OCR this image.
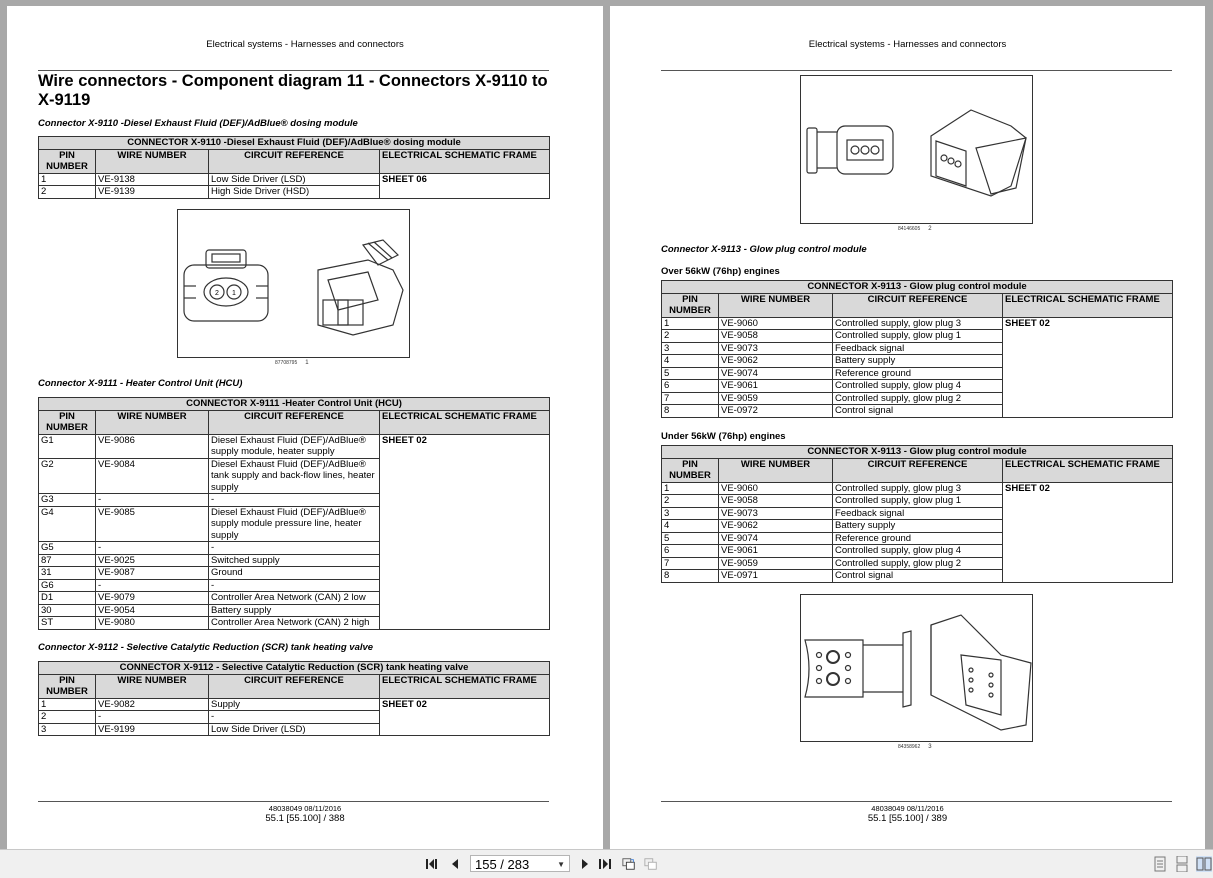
Electrical systems - Harnesses and connectors
Wire connectors - Component diagram 11 - Connectors X-9110 to X-9119
Connector X-9110 -Diesel Exhaust Fluid (DEF)/AdBlue® dosing module
CONNECTOR X-9110 -Diesel Exhaust Fluid (DEF)/AdBlue® dosing module			
PIN NUMBER	WIRE NUMBER	CIRCUIT REFERENCE	ELECTRICAL SCHEMATIC FRAME
1	VE-9138	Low Side Driver (LSD)	SHEET 06
2	VE-9139	High Side Driver (HSD)	
2 1
87708795 1
Connector X-9111 - Heater Control Unit (HCU)
CONNECTOR X-9111 -Heater Control Unit (HCU)			
PIN NUMBER	WIRE NUMBER	CIRCUIT REFERENCE	ELECTRICAL SCHEMATIC FRAME
G1	VE-9086	Diesel Exhaust Fluid (DEF)/AdBlue® supply module, heater supply	SHEET 02
G2	VE-9084	Diesel Exhaust Fluid (DEF)/AdBlue® tank supply and back-flow lines, heater supply	
G3	-	-	
G4	VE-9085	Diesel Exhaust Fluid (DEF)/AdBlue® supply module pressure line, heater supply	
G5	-	-	
87	VE-9025	Switched supply	
31	VE-9087	Ground	
G6	-	-	
D1	VE-9079	Controller Area Network (CAN) 2 low	
30	VE-9054	Battery supply	
ST	VE-9080	Controller Area Network (CAN) 2 high	
Connector X-9112 - Selective Catalytic Reduction (SCR) tank heating valve
CONNECTOR X-9112 - Selective Catalytic Reduction (SCR) tank heating valve			
PIN NUMBER	WIRE NUMBER	CIRCUIT REFERENCE	ELECTRICAL SCHEMATIC FRAME
1	VE-9082	Supply	SHEET 02
2	-	-	
3	VE-9199	Low Side Driver (LSD)	
48038049 08/11/2016
55.1 [55.100] / 388
Electrical systems - Harnesses and connectors
84146605 2
Connector X-9113 - Glow plug control module
Over 56kW (76hp) engines
CONNECTOR X-9113 - Glow plug control module			
PIN NUMBER	WIRE NUMBER	CIRCUIT REFERENCE	ELECTRICAL SCHEMATIC FRAME
1	VE-9060	Controlled supply, glow plug 3	SHEET 02
2	VE-9058	Controlled supply, glow plug 1	
3	VE-9073	Feedback signal	
4	VE-9062	Battery supply	
5	VE-9074	Reference ground	
6	VE-9061	Controlled supply, glow plug 4	
7	VE-9059	Controlled supply, glow plug 2	
8	VE-0972	Control signal	
Under 56kW (76hp) engines
CONNECTOR X-9113 - Glow plug control module			
PIN NUMBER	WIRE NUMBER	CIRCUIT REFERENCE	ELECTRICAL SCHEMATIC FRAME
1	VE-9060	Controlled supply, glow plug 3	SHEET 02
2	VE-9058	Controlled supply, glow plug 1	
3	VE-9073	Feedback signal	
4	VE-9062	Battery supply	
5	VE-9074	Reference ground	
6	VE-9061	Controlled supply, glow plug 4	
7	VE-9059	Controlled supply, glow plug 2	
8	VE-0971	Control signal	
84358962 3
48038049 08/11/2016
55.1 [55.100] / 389
155 / 283	▼
